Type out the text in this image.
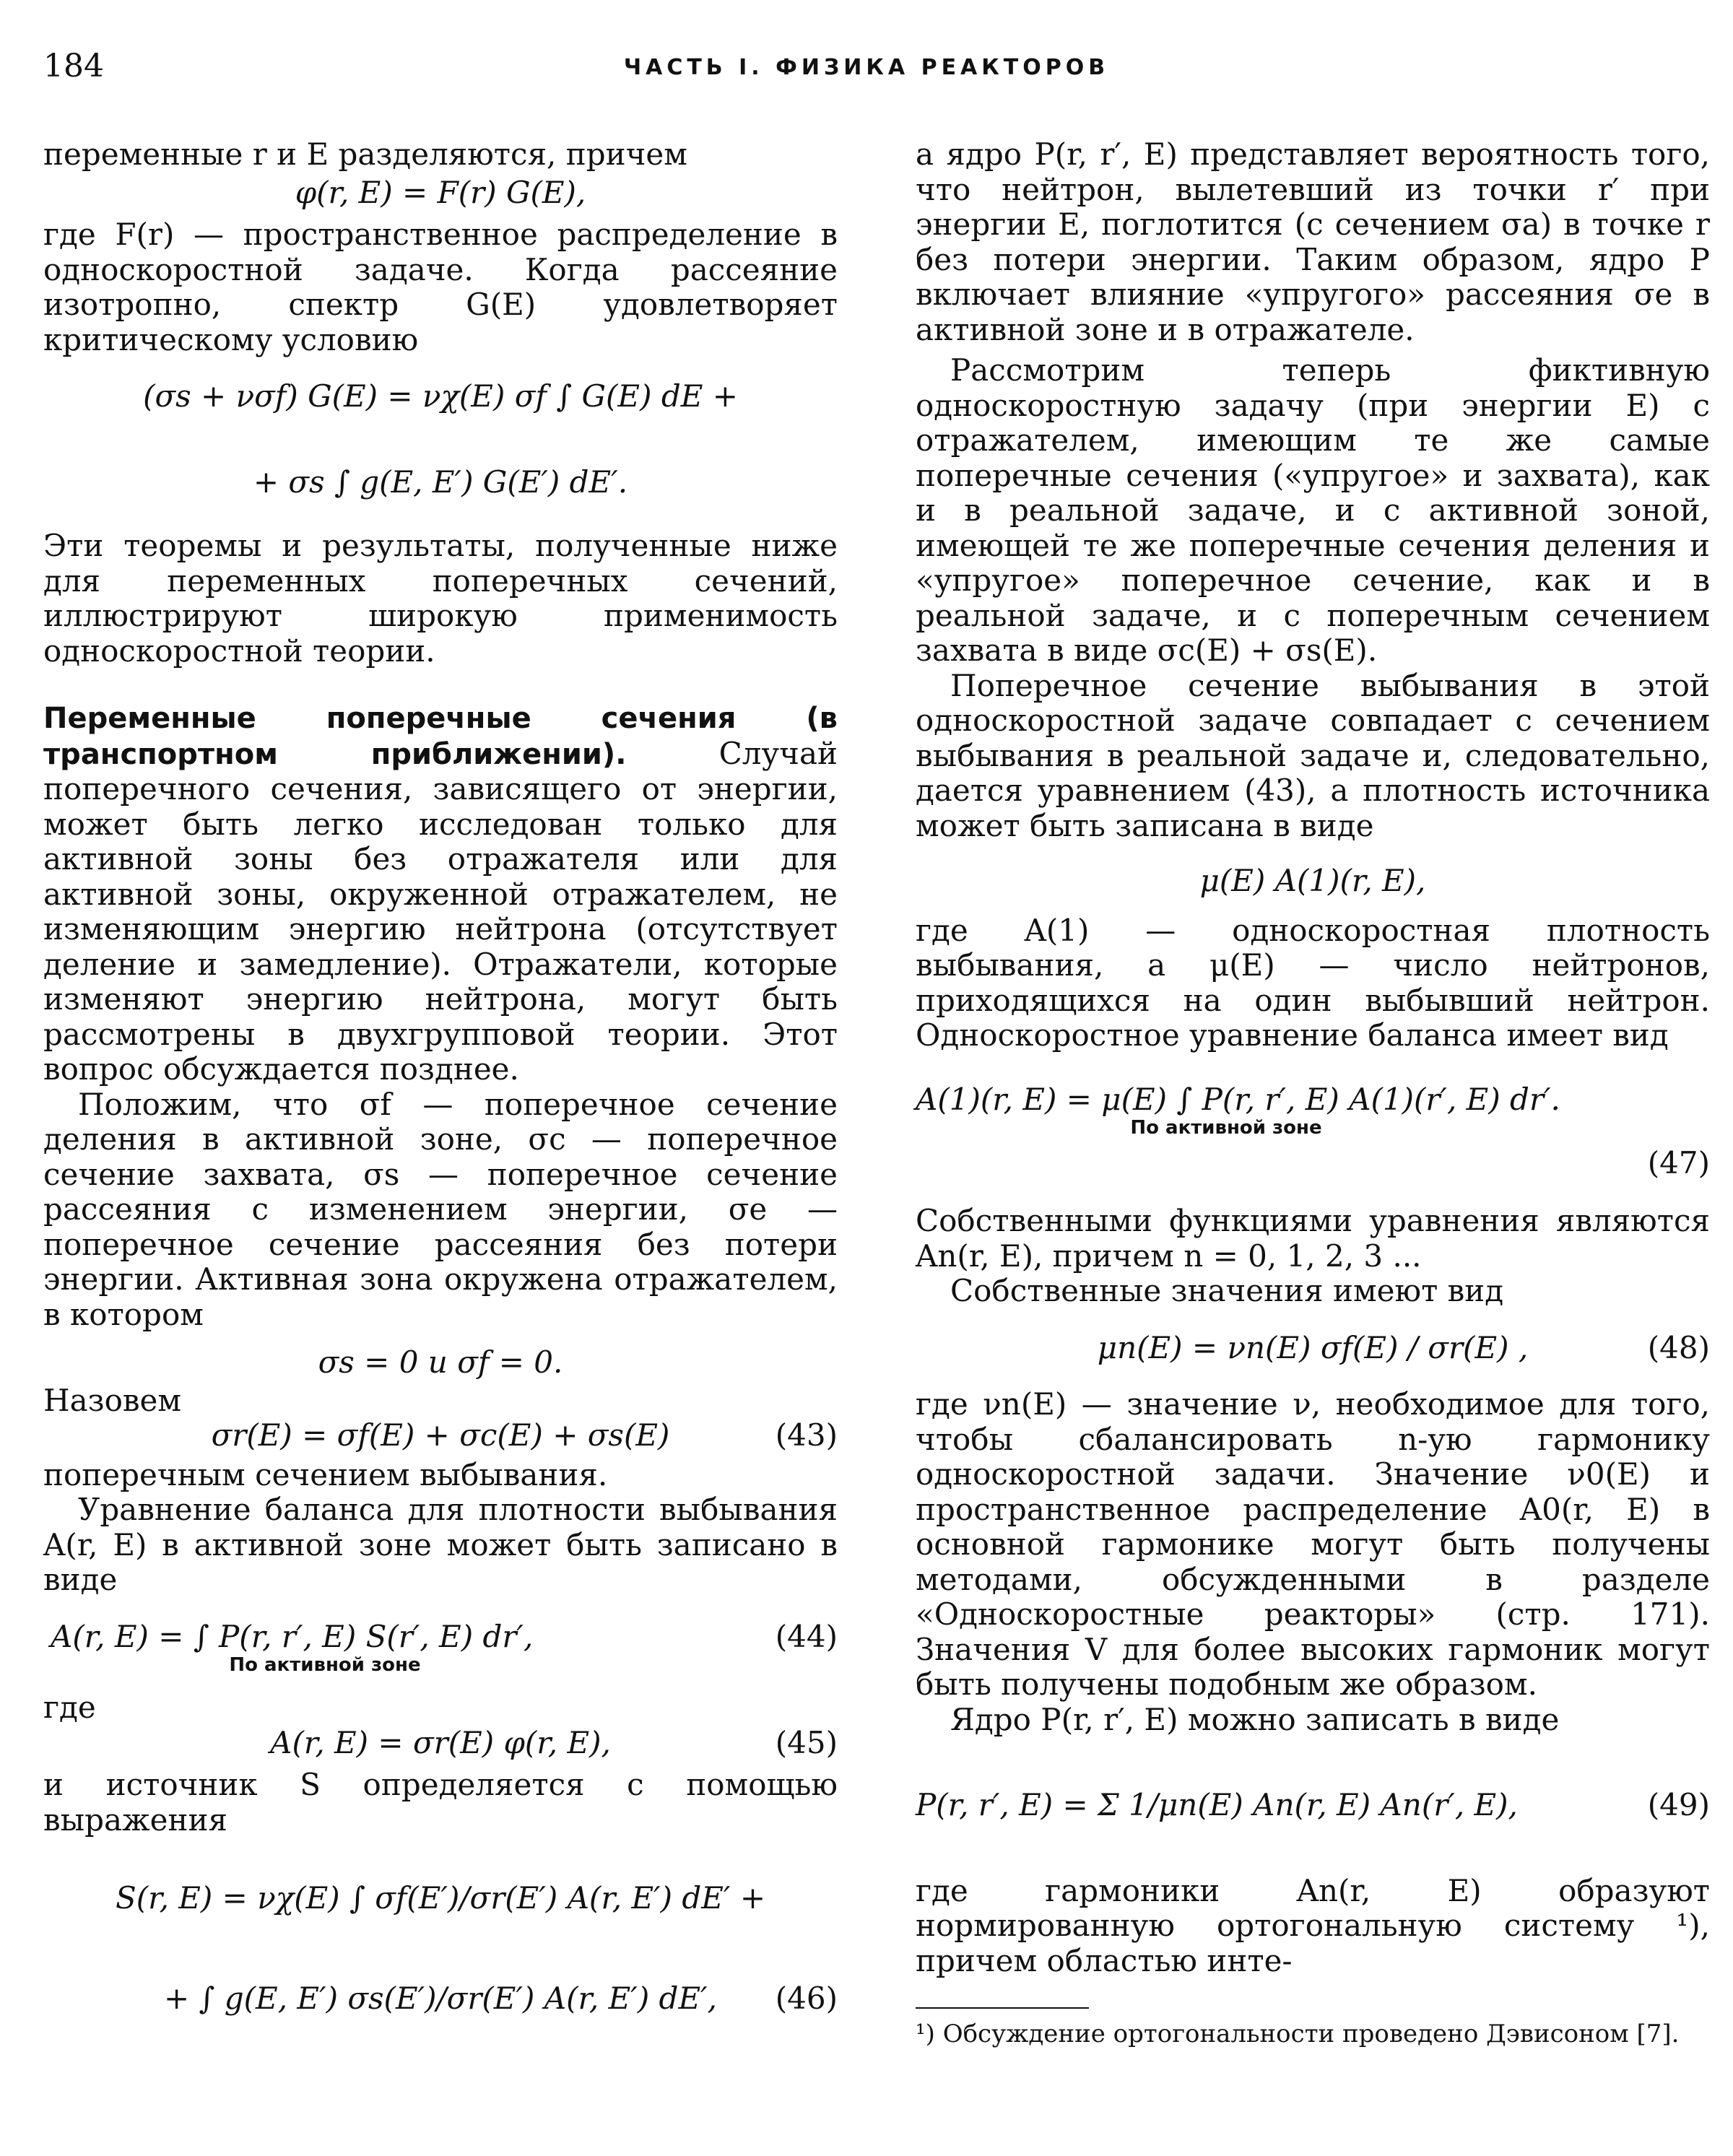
184	ЧАСТЬ I. ФИЗИКА РЕАКТОРОВ

переменные r и E разделяются, причем

φ(r, E) = F(r) G(E),

где F(r) — пространственное распределение в односкоростной задаче. Когда рассеяние изотропно, спектр G(E) удовлетворяет критическому условию

(σs + νσf) G(E) = νχ(E) σf ∫ G(E) dE +
+ σs ∫ g(E, E′) G(E′) dE′.

Эти теоремы и результаты, полученные ниже для переменных поперечных сечений, иллюстрируют широкую применимость односкоростной теории.

Переменные поперечные сечения (в транспортном приближении).	Случай поперечного сечения, зависящего от энергии, может быть легко исследован только для активной зоны без отражателя или для активной зоны, окруженной отражателем, не изменяющим энергию нейтрона (отсутствует деление и замедление). Отражатели, которые изменяют энергию нейтрона, могут быть рассмотрены в двухгрупповой теории. Этот вопрос обсуждается позднее.

Положим, что σf — поперечное сечение деления в активной зоне, σc — поперечное сечение захвата, σs — поперечное сечение рассеяния с изменением энергии, σe — поперечное сечение рассеяния без потери энергии. Активная зона окружена отражателем, в котором

σs = 0 и σf = 0.

Назовем

σr(E) = σf(E) + σc(E) + σs(E)	(43)

поперечным сечением выбывания.

Уравнение баланса для плотности выбывания A(r, E) в активной зоне может быть записано в виде

A(r, E) = ∫ P(r, r′, E) S(r′, E) dr′,	(44)
По активной зоне

где

A(r, E) = σr(E) φ(r, E),	(45)

и источник S определяется с помощью выражения

S(r, E) = νχ(E) ∫ σf(E′)/σr(E′) A(r, E′) dE′ +
+ ∫ g(E, E′) σs(E′)/σr(E′) A(r, E′) dE′, (46)

а ядро P(r, r′, E) представляет вероятность того, что нейтрон, вылетевший из точки r′ при энергии E, поглотится (с сечением σa) в точке r без потери энергии. Таким образом, ядро P включает влияние «упругого» рассеяния σe в активной зоне и в отражателе.

Рассмотрим теперь фиктивную односкоростную задачу (при энергии E) с отражателем, имеющим те же самые поперечные сечения («упругое» и захвата), как и в реальной задаче, и с активной зоной, имеющей те же поперечные сечения деления и «упругое» поперечное сечение, как и в реальной задаче, и с поперечным сечением захвата в виде σc(E) + σs(E).

Поперечное сечение выбывания в этой односкоростной задаче совпадает с сечением выбывания в реальной задаче и, следовательно, дается уравнением (43), а плотность источника может быть записана в виде

μ(E) A(1)(r, E),

где A(1) — односкоростная плотность выбывания, а μ(E) — число нейтронов, приходящихся на один выбывший нейтрон. Односкоростное уравнение баланса имеет вид

A(1)(r, E) = μ(E) ∫ P(r, r′, E) A(1)(r′, E) dr′.
По активной зоне
(47)

Собственными функциями уравнения являются An(r, E), причем n = 0, 1, 2, 3 ...

Собственные значения имеют вид

μn(E) = νn(E) σf(E) / σr(E) ,	(48)

где νn(E) — значение ν, необходимое для того, чтобы сбалансировать n-ую гармонику односкоростной задачи. Значение ν0(E) и пространственное распределение A0(r, E) в основной гармонике могут быть получены методами, обсужденными в разделе «Односкоростные реакторы» (стр. 171). Значения V для более высоких гармоник могут быть получены подобным же образом.

Ядро P(r, r′, E) можно записать в виде

P(r, r′, E) = Σ 1/μn(E) An(r, E) An(r′, E),	(49)

где гармоники An(r, E) образуют нормированную ортогональную систему ¹), причем областью инте-

¹) Обсуждение ортогональности проведено Дэвисоном [7].
